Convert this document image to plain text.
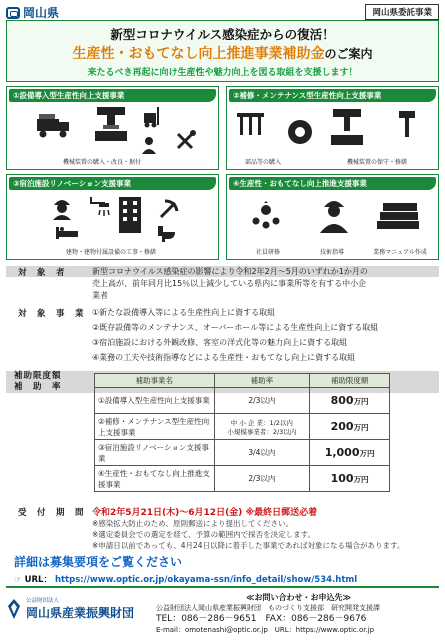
岡山県	岡山県委託事業
新型コロナウイルス感染症からの復活！
生産性・おもてなし向上推進事業補助金のご案内
来たるべき再起に向け生産性や魅力向上を図る取組を支援します！
①設備導入型生産性向上支援事業
機械装置の購入・改良・据付
②補修・メンテナンス型生産性向上支援事業
部品等の購入	機械装置の保守・修繕
③宿泊施設リノベーション支援事業
建物・建物付属設備の工事・修繕
④生産性・おもてなし向上推進支援事業
社員研修	技術指導	業務マニュアル作成
対　象　者	新型コロナウイルス感染症の影響により令和2年2月～5月のいずれか1か月の
売上高が、前年同月比15％以上減少している県内に事業所等を有する中小企
業者
対　象　事　業 ①新たな設備導入等による生産性向上に資する取組
②既存設備等のメンテナンス、オーバーホール等による生産性向上に資する取組
③宿泊施設における外観改修、客室の洋式化等の魅力向上に資する取組
④業務の工夫や技術指導などによる生産性・おもてなし向上に資する取組
補助限度額
補　助　率
補助事業名	補助率	補助限度額
①設備導入型生産性向上支援事業	2/3以内	800万円
②補修・メンテナンス型生産性向上支援事業	中 小 企 業：1/2以内
小規模事業者：2/3以内	200万円
③宿泊施設リノベーション支援事業	3/4以内	1,000万円
④生産性・おもてなし向上推進支援事業	2/3以内	100万円
受　付　期　間 令和2年5月21日(木)～6月12日(金) ※最終日郵送必着
※感染拡大防止のため、原則郵送により提出してください。
※選定委員会での選定を経て、予算の範囲内で採否を決定します。
※申請日以前であっても、4月24日以降に着手した事業であれば対象になる場合があります。
詳細は募集要項をご覧ください
☞ URL： https://www.optic.or.jp/okayama-ssn/info_detail/show/534.html
公益財団法人
岡山県産業振興財団
≪お問い合わせ・お申込先≫
公益財団法人岡山県産業振興財団　ものづくり支援部　研究開発支援課
TEL：086－286－9651　FAX：086－286－9676
E-mail：omotenashi@optic.or.jp　URL：https://www.optic.or.jp
